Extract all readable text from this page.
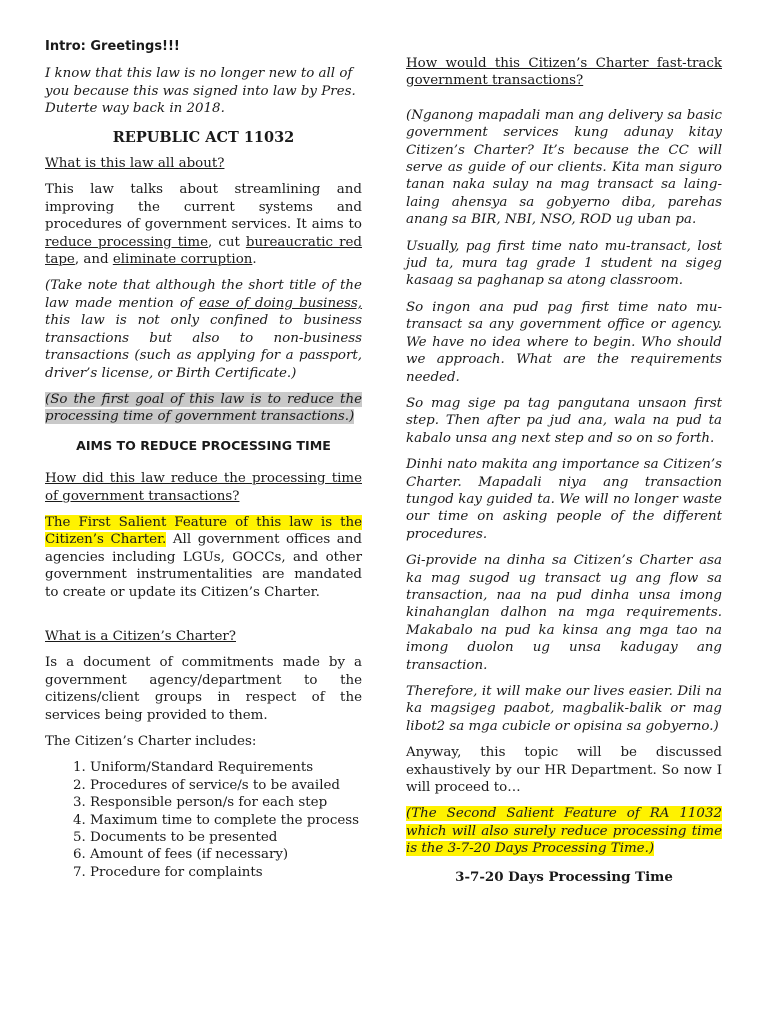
Intro: Greetings!!!

I know that this law is no longer new to all of you because this was signed into law by Pres. Duterte way back in 2018.

REPUBLIC ACT 11032

What is this law all about?

This law talks about streamlining and improving the current systems and procedures of government services. It aims to reduce processing time, cut bureaucratic red tape, and eliminate corruption.

(Take note that although the short title of the law made mention of ease of doing business, this law is not only confined to business transactions but also to non-business transactions (such as applying for a passport, driver’s license, or Birth Certificate.)

(So the first goal of this law is to reduce the processing time of government transactions.)

AIMS TO REDUCE PROCESSING TIME

How did this law reduce the processing time of government transactions?

The First Salient Feature of this law is the Citizen’s Charter. All government offices and agencies including LGUs, GOCCs, and other government instrumentalities are mandated to create or update its Citizen’s Charter.

What is a Citizen’s Charter?

Is a document of commitments made by a government agency/department to the citizens/client groups in respect of the services being provided to them.

The Citizen’s Charter includes:

1. Uniform/Standard Requirements
2. Procedures of service/s to be availed
3. Responsible person/s for each step
4. Maximum time to complete the process
5. Documents to be presented
6. Amount of fees (if necessary)
7. Procedure for complaints

How would this Citizen’s Charter fast-track government transactions?

(Nganong mapadali man ang delivery sa basic government services kung adunay kitay Citizen’s Charter? It’s because the CC will serve as guide of our clients. Kita man siguro tanan naka sulay na mag transact sa laing-laing ahensya sa gobyerno diba, parehas anang sa BIR, NBI, NSO, ROD ug uban pa.

Usually, pag first time nato mu-transact, lost jud ta, mura tag grade 1 student na sigeg kasaag sa paghanap sa atong classroom.

So ingon ana pud pag first time nato mu-transact sa any government office or agency. We have no idea where to begin. Who should we approach. What are the requirements needed.

So mag sige pa tag pangutana unsaon first step. Then after pa jud ana, wala na pud ta kabalo unsa ang next step and so on so forth.

Dinhi nato makita ang importance sa Citizen’s Charter. Mapadali niya ang transaction tungod kay guided ta. We will no longer waste our time on asking people of the different procedures.

Gi-provide na dinha sa Citizen’s Charter asa ka mag sugod ug transact ug ang flow sa transaction, naa na pud dinha unsa imong kinahanglan dalhon na mga requirements. Makabalo na pud ka kinsa ang mga tao na imong duolon ug unsa kadugay ang transaction.

Therefore, it will make our lives easier. Dili na ka magsigeg paabot, magbalik-balik or mag libot2 sa mga cubicle or opisina sa gobyerno.)

Anyway, this topic will be discussed exhaustively by our HR Department. So now I will proceed to…

(The Second Salient Feature of RA 11032 which will also surely reduce processing time is the 3-7-20 Days Processing Time.)

3-7-20 Days Processing Time
